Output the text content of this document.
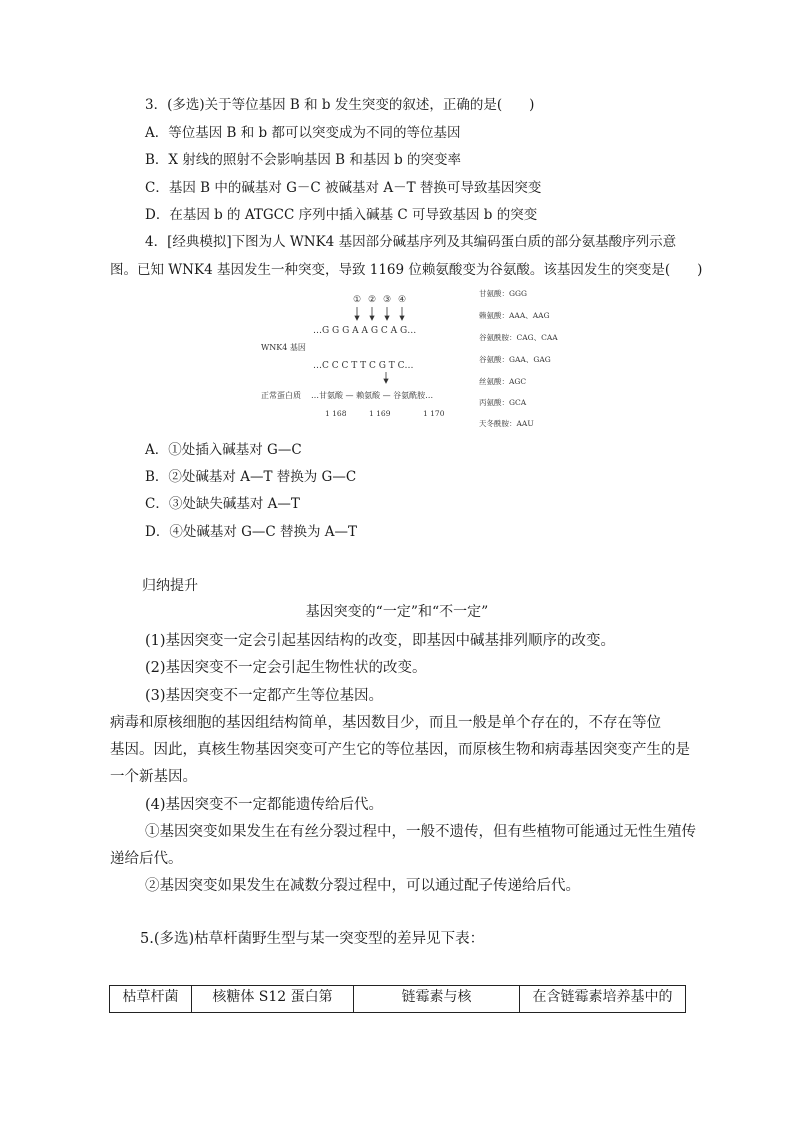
3．(多选)关于等位基因 B 和 b 发生突变的叙述，正确的是(　　)
A．等位基因 B 和 b 都可以突变成为不同的等位基因
B．X 射线的照射不会影响基因 B 和基因 b 的突变率
C．基因 B 中的碱基对 G－C 被碱基对 A－T 替换可导致基因突变
D．在基因 b 的 ATGCC 序列中插入碱基 C 可导致基因 b 的突变
4．[经典模拟]下图为人 WNK4 基因部分碱基序列及其编码蛋白质的部分氨基酸序列示意
图。已知 WNK4 基因发生一种突变，导致 1169 位赖氨酸变为谷氨酸。该基因发生的突变是(　　)
① ② ③ ④
…G G G A A G C A G…
WNK4 基因
…C C C T T C G T C…
正常蛋白质 …甘氨酸 — 赖氨酸 — 谷氨酰胺…
1 168	1 169	1 170
甘氨酸：GGG
赖氨酸：AAA、AAG
谷氨酰胺：CAG、CAA
谷氨酸：GAA、GAG
丝氨酸：AGC
丙氨酸：GCA
天冬酰胺：AAU
A．①处插入碱基对 G—C
B．②处碱基对 A—T 替换为 G—C
C．③处缺失碱基对 A—T
D．④处碱基对 G—C 替换为 A—T
归纳提升
基因突变的“一定”和“不一定”
(1)基因突变一定会引起基因结构的改变，即基因中碱基排列顺序的改变。
(2)基因突变不一定会引起生物性状的改变。
(3)基因突变不一定都产生等位基因。
病毒和原核细胞的基因组结构简单，基因数目少，而且一般是单个存在的，不存在等位
基因。因此，真核生物基因突变可产生它的等位基因，而原核生物和病毒基因突变产生的是
一个新基因。
(4)基因突变不一定都能遗传给后代。
①基因突变如果发生在有丝分裂过程中，一般不遗传，但有些植物可能通过无性生殖传
递给后代。
②基因突变如果发生在减数分裂过程中，可以通过配子传递给后代。
5.(多选)枯草杆菌野生型与某一突变型的差异见下表：
枯草杆菌	核糖体 S12 蛋白第	链霉素与核	在含链霉素培养基中的
